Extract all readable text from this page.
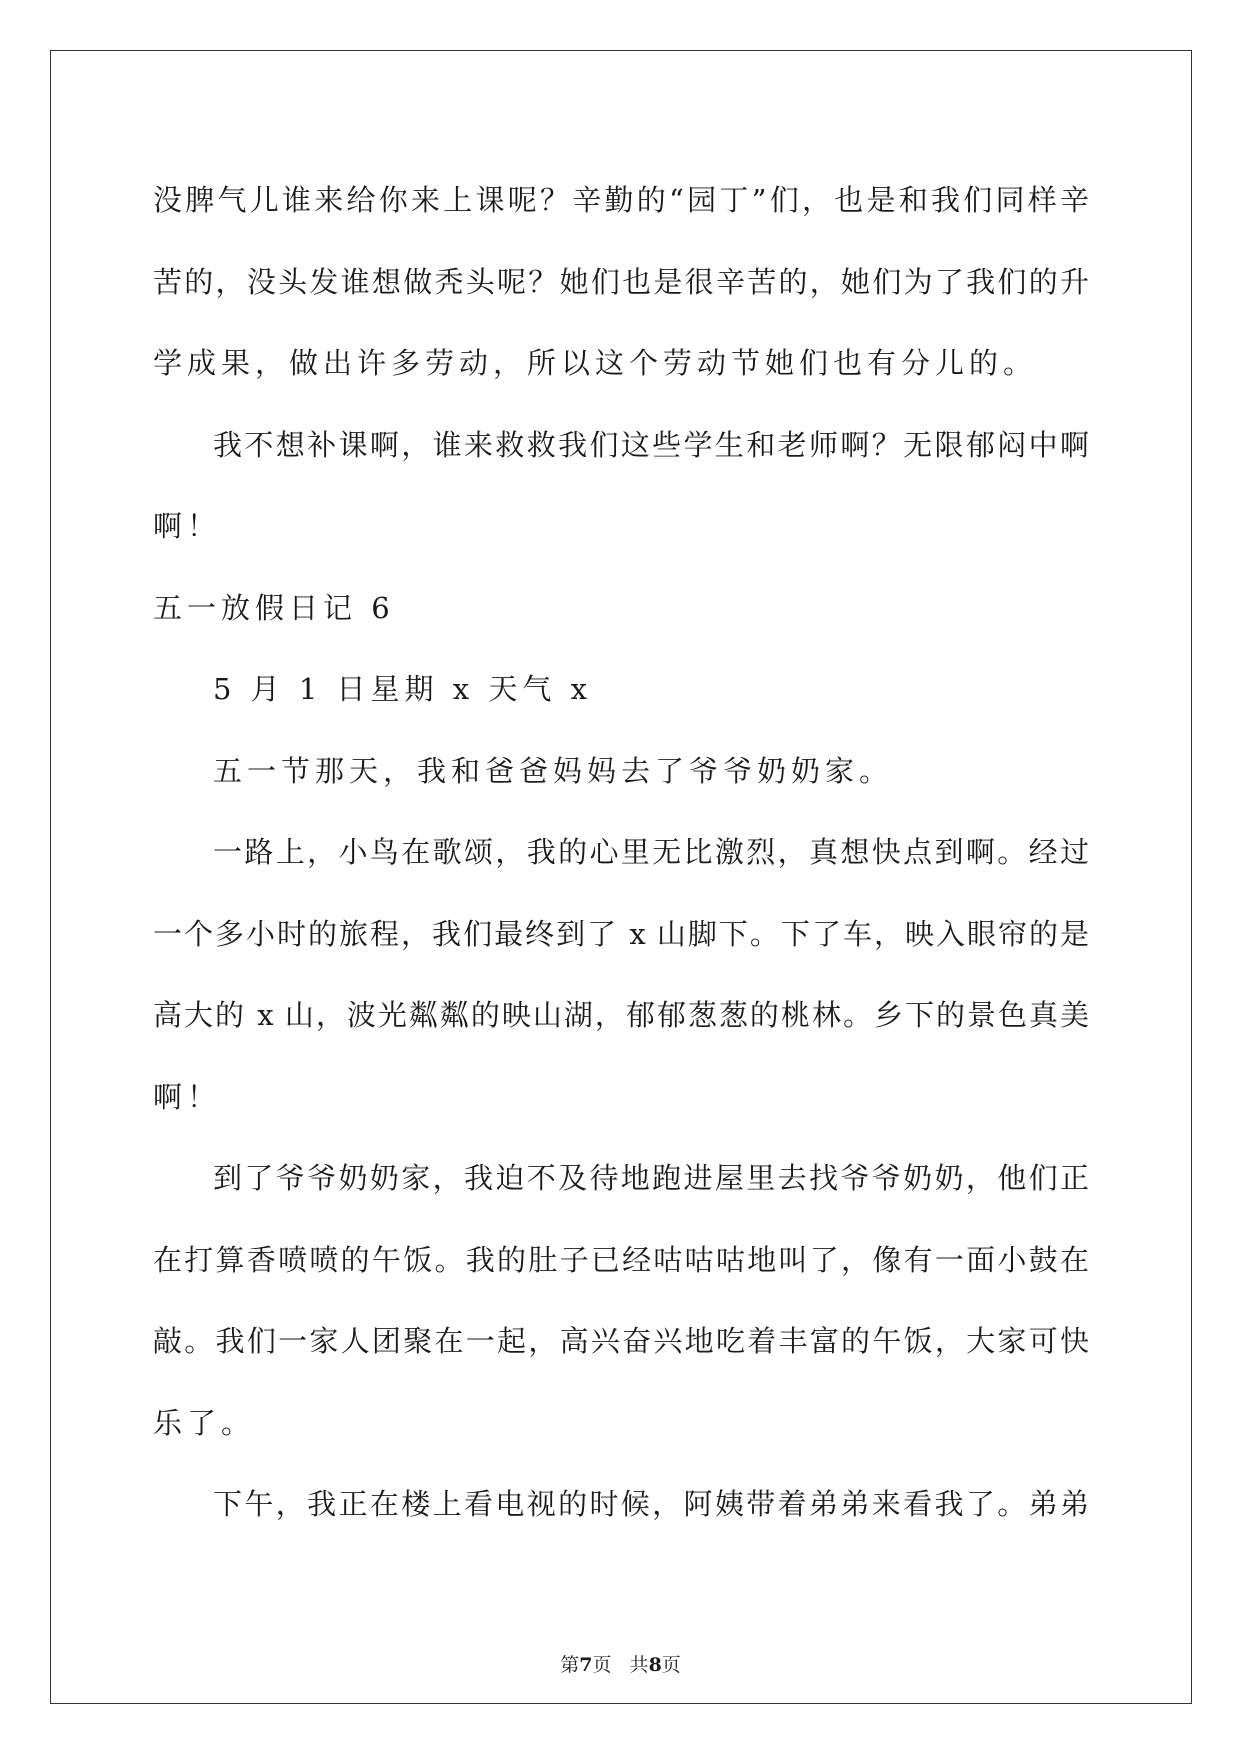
没脾气儿谁来给你来上课呢？辛勤的“园丁”们，也是和我们同样辛
苦的，没头发谁想做秃头呢？她们也是很辛苦的，她们为了我们的升
学成果，做出许多劳动，所以这个劳动节她们也有分儿的。
我不想补课啊，谁来救救我们这些学生和老师啊？无限郁闷中啊
啊！
五一放假日记 6
5 月 1 日星期 x 天气 x
五一节那天，我和爸爸妈妈去了爷爷奶奶家。
一路上，小鸟在歌颂，我的心里无比激烈，真想快点到啊。经过
一个多小时的旅程，我们最终到了 x 山脚下。下了车，映入眼帘的是
高大的 x 山，波光粼粼的映山湖，郁郁葱葱的桃林。乡下的景色真美
啊！
到了爷爷奶奶家，我迫不及待地跑进屋里去找爷爷奶奶，他们正
在打算香喷喷的午饭。我的肚子已经咕咕咕地叫了，像有一面小鼓在
敲。我们一家人团聚在一起，高兴奋兴地吃着丰富的午饭，大家可快
乐了。
下午，我正在楼上看电视的时候，阿姨带着弟弟来看我了。弟弟
第7页   共8页
